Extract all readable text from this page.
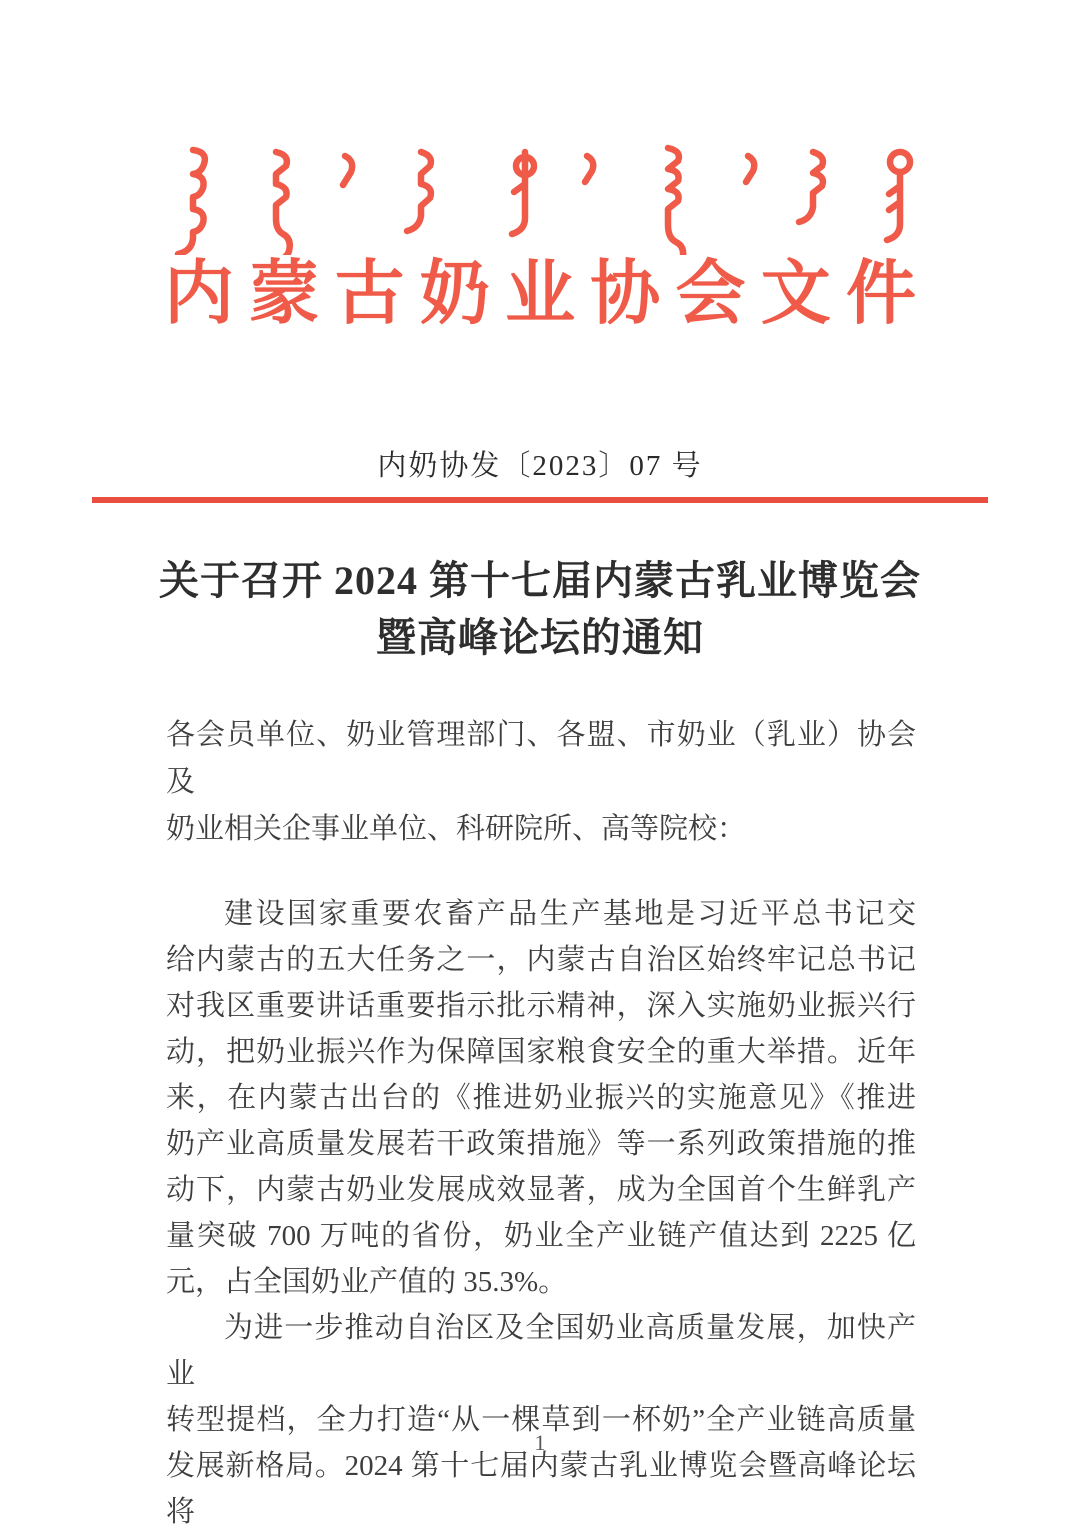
内蒙古奶业协会文件
内奶协发〔2023〕07 号
关于召开 2024 第十七届内蒙古乳业博览会
暨高峰论坛的通知

各会员单位、奶业管理部门、各盟、市奶业（乳业）协会及

奶业相关企事业单位、科研院所、高等院校：

建设国家重要农畜产品生产基地是习近平总书记交

给内蒙古的五大任务之一，内蒙古自治区始终牢记总书记

对我区重要讲话重要指示批示精神，深入实施奶业振兴行

动，把奶业振兴作为保障国家粮食安全的重大举措。近年

来，在内蒙古出台的《推进奶业振兴的实施意见》《推进

奶产业高质量发展若干政策措施》等一系列政策措施的推

动下，内蒙古奶业发展成效显著，成为全国首个生鲜乳产

量突破 700 万吨的省份，奶业全产业链产值达到 2225 亿

元，占全国奶业产值的 35.3%。

为进一步推动自治区及全国奶业高质量发展，加快产业

转型提档，全力打造“从一棵草到一杯奶”全产业链高质量

发展新格局。2024 第十七届内蒙古乳业博览会暨高峰论坛将

1
